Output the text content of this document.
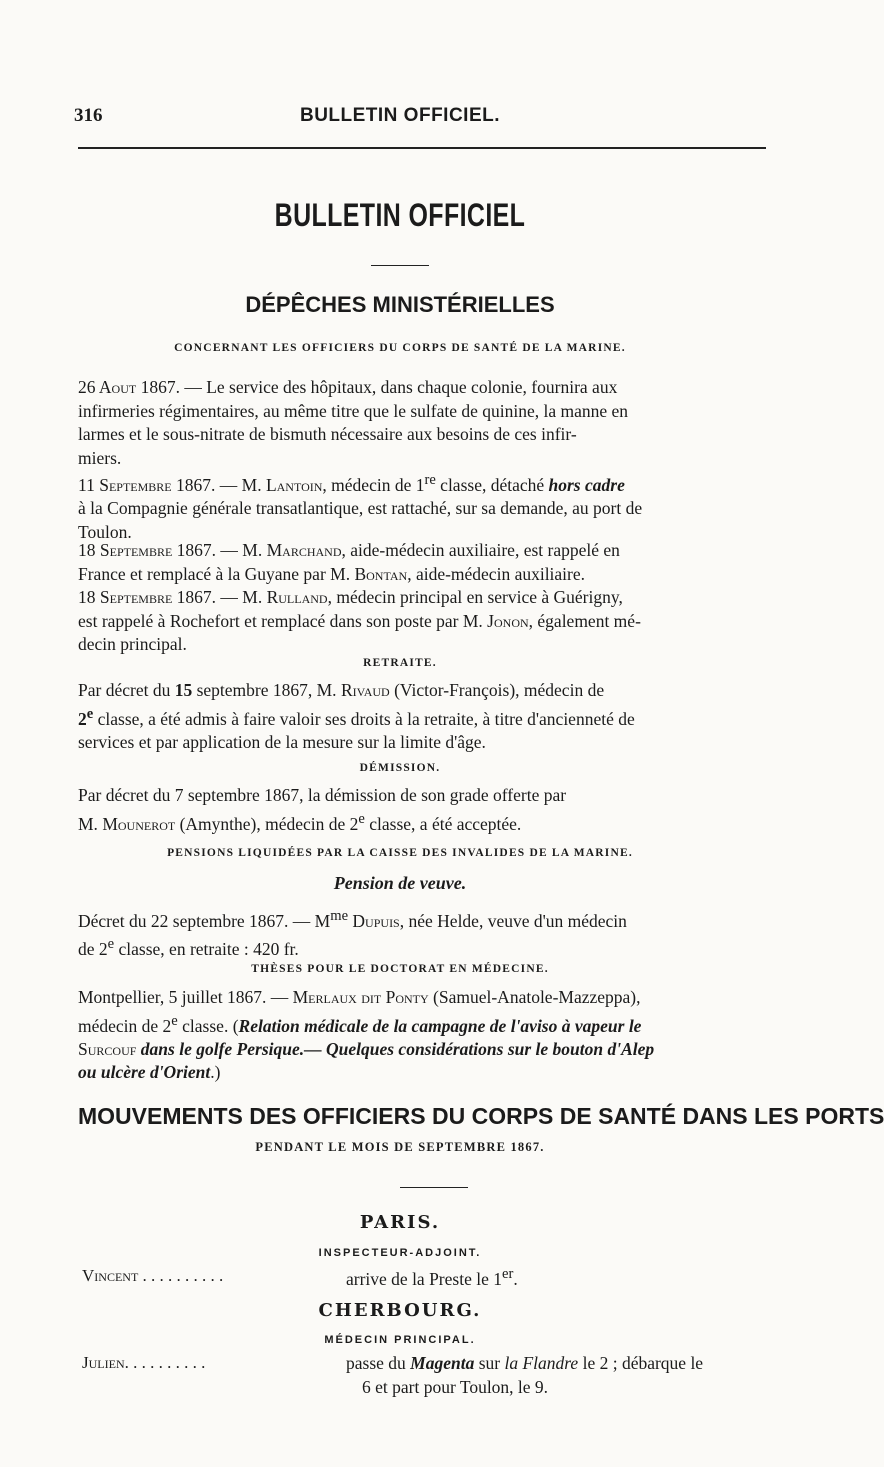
316	BULLETIN OFFICIEL.
BULLETIN OFFICIEL
DÉPÊCHES MINISTÉRIELLES
CONCERNANT LES OFFICIERS DU CORPS DE SANTÉ DE LA MARINE.
26 Aout 1867. — Le service des hôpitaux, dans chaque colonie, fournira aux
infirmeries régimentaires, au même titre que le sulfate de quinine, la manne en
larmes et le sous-nitrate de bismuth nécessaire aux besoins de ces infir-
miers.
11 Septembre 1867. — M. Lantoin, médecin de 1re classe, détaché hors cadre
à la Compagnie générale transatlantique, est rattaché, sur sa demande, au port de
Toulon.
18 Septembre 1867. — M. Marchand, aide-médecin auxiliaire, est rappelé en
France et remplacé à la Guyane par M. Bontan, aide-médecin auxiliaire.
18 Septembre 1867. — M. Rulland, médecin principal en service à Guérigny,
est rappelé à Rochefort et remplacé dans son poste par M. Jonon, également mé-
decin principal.
RETRAITE.
Par décret du 15 septembre 1867, M. Rivaud (Victor-François), médecin de
2e classe, a été admis à faire valoir ses droits à la retraite, à titre d'ancienneté de
services et par application de la mesure sur la limite d'âge.
DÉMISSION.
Par décret du 7 septembre 1867, la démission de son grade offerte par
M. Mounerot (Amynthe), médecin de 2e classe, a été acceptée.
PENSIONS LIQUIDÉES PAR LA CAISSE DES INVALIDES DE LA MARINE.
Pension de veuve.
Décret du 22 septembre 1867. — $M^{me}$ Dupuis, née Helde, veuve d'un médecin
de 2e classe, en retraite : 420 fr.
THÈSES POUR LE DOCTORAT EN MÉDECINE.
Montpellier, 5 juillet 1867. — Merlaux dit Ponty (Samuel-Anatole-Mazzeppa),
médecin de 2e classe. (Relation médicale de la campagne de l'aviso à vapeur le
Surcouf dans le golfe Persique.— Quelques considérations sur le bouton d'Alep
ou ulcère d'Orient.)
MOUVEMENTS DES OFFICIERS DU CORPS DE SANTÉ DANS LES PORTS
PENDANT LE MOIS DE SEPTEMBRE 1867.
PARIS.
INSPECTEUR-ADJOINT.
Vincent . . . . . . . . . .	arrive de la Preste le 1er.
CHERBOURG.
MÉDECIN PRINCIPAL.
Julien. . . . . . . . . .	passe du Magenta sur la Flandre le 2 ; débarque le
6 et part pour Toulon, le 9.
